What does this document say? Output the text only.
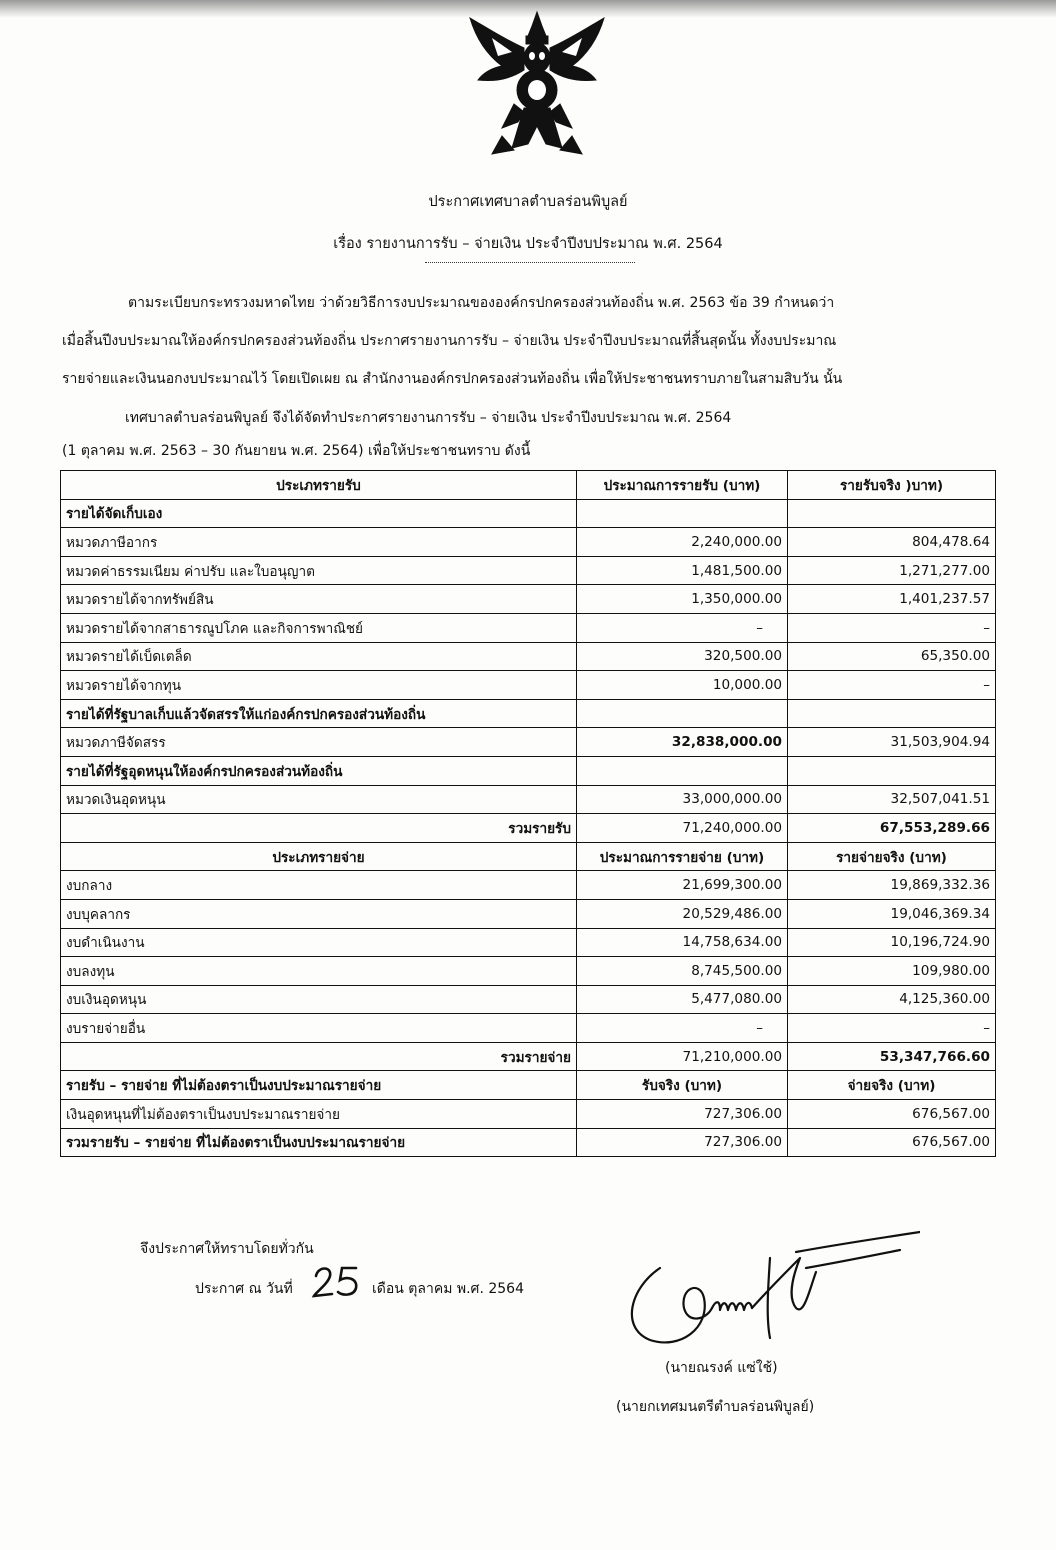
ประกาศเทศบาลตำบลร่อนพิบูลย์
เรื่อง รายงานการรับ – จ่ายเงิน ประจำปีงบประมาณ พ.ศ. 2564
ตามระเบียบกระทรวงมหาดไทย ว่าด้วยวิธีการงบประมาณขององค์กรปกครองส่วนท้องถิ่น พ.ศ. 2563 ข้อ 39 กำหนดว่า
เมื่อสิ้นปีงบประมาณให้องค์กรปกครองส่วนท้องถิ่น ประกาศรายงานการรับ – จ่ายเงิน ประจำปีงบประมาณที่สิ้นสุดนั้น ทั้งงบประมาณ
รายจ่ายและเงินนอกงบประมาณไว้ โดยเปิดเผย ณ สำนักงานองค์กรปกครองส่วนท้องถิ่น เพื่อให้ประชาชนทราบภายในสามสิบวัน นั้น
เทศบาลตำบลร่อนพิบูลย์ จึงได้จัดทำประกาศรายงานการรับ – จ่ายเงิน ประจำปีงบประมาณ พ.ศ. 2564
(1 ตุลาคม พ.ศ. 2563 – 30 กันยายน พ.ศ. 2564) เพื่อให้ประชาชนทราบ ดังนี้
ประเภทรายรับ	ประมาณการรายรับ (บาท)	รายรับจริง )บาท)
รายได้จัดเก็บเอง		
หมวดภาษีอากร	2,240,000.00	804,478.64
หมวดค่าธรรมเนียม ค่าปรับ และใบอนุญาต	1,481,500.00	1,271,277.00
หมวดรายได้จากทรัพย์สิน	1,350,000.00	1,401,237.57
หมวดรายได้จากสาธารณูปโภค และกิจการพาณิชย์	–	–
หมวดรายได้เบ็ดเตล็ด	320,500.00	65,350.00
หมวดรายได้จากทุน	10,000.00	–
รายได้ที่รัฐบาลเก็บแล้วจัดสรรให้แก่องค์กรปกครองส่วนท้องถิ่น		
หมวดภาษีจัดสรร	32,838,000.00	31,503,904.94
รายได้ที่รัฐอุดหนุนให้องค์กรปกครองส่วนท้องถิ่น		
หมวดเงินอุดหนุน	33,000,000.00	32,507,041.51
รวมรายรับ	71,240,000.00	67,553,289.66
ประเภทรายจ่าย	ประมาณการรายจ่าย (บาท)	รายจ่ายจริง (บาท)
งบกลาง	21,699,300.00	19,869,332.36
งบบุคลากร	20,529,486.00	19,046,369.34
งบดำเนินงาน	14,758,634.00	10,196,724.90
งบลงทุน	8,745,500.00	109,980.00
งบเงินอุดหนุน	5,477,080.00	4,125,360.00
งบรายจ่ายอื่น	–	–
รวมรายจ่าย	71,210,000.00	53,347,766.60
รายรับ – รายจ่าย ที่ไม่ต้องตราเป็นงบประมาณรายจ่าย	รับจริง (บาท)	จ่ายจริง (บาท)
เงินอุดหนุนที่ไม่ต้องตราเป็นงบประมาณรายจ่าย	727,306.00	676,567.00
รวมรายรับ – รายจ่าย ที่ไม่ต้องตราเป็นงบประมาณรายจ่าย	727,306.00	676,567.00
จึงประกาศให้ทราบโดยทั่วกัน
ประกาศ ณ วันที่	เดือน ตุลาคม พ.ศ. 2564
(นายณรงค์ แซ่ใช้)
(นายกเทศมนตรีตำบลร่อนพิบูลย์)
